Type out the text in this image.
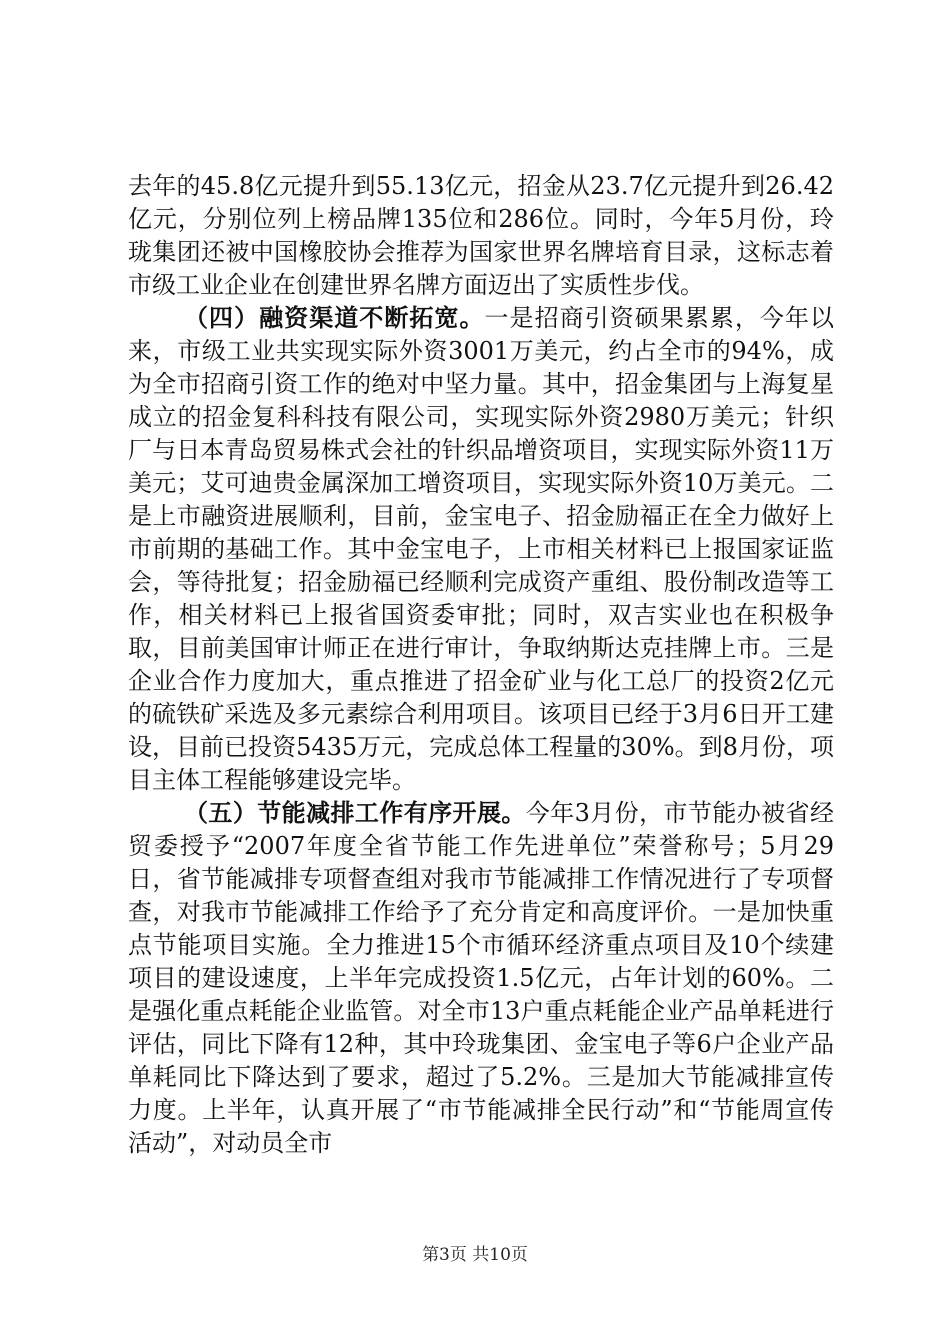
去年的45.8亿元提升到55.13亿元，招金从23.7亿元提升到26.42亿元，分别位列上榜品牌135位和286位。同时，今年5月份，玲珑集团还被中国橡胶协会推荐为国家世界名牌培育目录，这标志着市级工业企业在创建世界名牌方面迈出了实质性步伐。

（四）融资渠道不断拓宽。一是招商引资硕果累累，今年以来，市级工业共实现实际外资3001万美元，约占全市的94%，成为全市招商引资工作的绝对中坚力量。其中，招金集团与上海复星成立的招金复科科技有限公司，实现实际外资2980万美元；针织厂与日本青岛贸易株式会社的针织品增资项目，实现实际外资11万美元；艾可迪贵金属深加工增资项目，实现实际外资10万美元。二是上市融资进展顺利，目前，金宝电子、招金励福正在全力做好上市前期的基础工作。其中金宝电子，上市相关材料已上报国家证监会，等待批复；招金励福已经顺利完成资产重组、股份制改造等工作，相关材料已上报省国资委审批；同时，双吉实业也在积极争取，目前美国审计师正在进行审计，争取纳斯达克挂牌上市。三是企业合作力度加大，重点推进了招金矿业与化工总厂的投资2亿元的硫铁矿采选及多元素综合利用项目。该项目已经于3月6日开工建设，目前已投资5435万元，完成总体工程量的30%。到8月份，项目主体工程能够建设完毕。

（五）节能减排工作有序开展。今年3月份，市节能办被省经贸委授予“2007年度全省节能工作先进单位”荣誉称号；5月29日，省节能减排专项督查组对我市节能减排工作情况进行了专项督查，对我市节能减排工作给予了充分肯定和高度评价。一是加快重点节能项目实施。全力推进15个市循环经济重点项目及10个续建项目的建设速度，上半年完成投资1.5亿元，占年计划的60%。二是强化重点耗能企业监管。对全市13户重点耗能企业产品单耗进行评估，同比下降有12种，其中玲珑集团、金宝电子等6户企业产品单耗同比下降达到了要求，超过了5.2%。三是加大节能减排宣传力度。上半年，认真开展了“市节能减排全民行动”和“节能周宣传活动”，对动员全市

第3页 共10页
